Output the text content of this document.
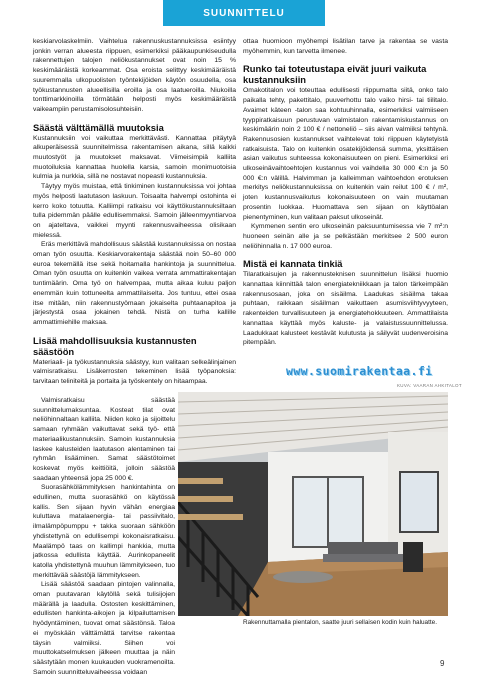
SUUNNITTELU

keskiarvolaskelmiin. Vaihtelua rakennuskustannuksissa esiintyy jonkin verran alueesta riippuen, esimerkiksi pääkaupunkiseudulla rakennettujen talojen neliökustannukset ovat noin 15 % keskimääräistä korkeammat. Osa eroista selittyy keskimääräistä suuremmalla ulkopuolisten työntekijöiden käytön osuudella, osa työkustannusten alueellisilla eroilla ja osa laatueroilla. Niukoilla tonttimarkkinoilla törmätään helposti myös keskimääräistä vaikeampiin perustamisolosuhteisiin.

Säästä välttämällä muutoksia

Kustannuksiin voi vaikuttaa merkittävästi. Kannattaa pitäytyä alkuperäisessä suunnitelmissa rakentamisen aikana, sillä kaikki muutostyöt ja muutokset maksavat. Viimeisimpiä kalliita muotoiluksia kannattaa huolella karsia, samoin monimuotoisia kulmia ja nurkkia, sillä ne nostavat nopeasti kustannuksia.

Täytyy myös muistaa, että tinkiminen kustannuksissa voi johtaa myös helposti laatutason laskuun. Toisaalta halvempi ostohinta ei kerro koko totuutta. Kalliimpi ratkaisu voi käyttökustannuksiltaan tulla pidemmän päälle edullisemmaksi. Samoin jälleenmyyntiarvoa on ajateltava, vaikkei myynti rakennusvaiheessa olisikaan mielessä.

Eräs merkittävä mahdollisuus säästää kustannuksissa on nostaa oman työn osuutta. Keskiarvorakentaja säästää noin 50–60 000 euroa tekemällä itse sekä hoitamalla hankintoja ja suunnittelua. Oman työn osuutta on kuitenkin vaikea verrata ammattirakentajan tuntimäärin. Oma työ on halvempaa, mutta aikaa kuluu paljon enemmän kuin tottuneelta ammattilaiselta. Jos tuntuu, ettei osaa itse mitään, niin rakennustyömaan jokaiselta puhtaanapitoa ja järjestystä osaa jokainen tehdä. Nistä on turha kallille ammattimiehille maksaa.

Lisää mahdollisuuksia kustannusten säästöön

Materiaali- ja työkustannuksia säästyy, kun valitaan selkeälinjainen valmisratkaisu. Lisäkerrosten tekeminen lisää työpanoksia: tarvitaan teliniteitä ja portaita ja työskentely on hitaampaa.

Valmisratkaisu säästää suunnittelumaksuntaa. Kosteat tilat ovat neliöhinnaltaan kalliita. Niiden koko ja sijoittelu samaan ryhmään vaikuttavat sekä työ- että materiaalikustannuksiin. Samoin kustannuksia laskee kalusteiden laatutason alentaminen tai ryhmän lisääminen. Samat säästötoimet koskevat myös keittiöitä, jolloin säästöä saadaan yhteensä jopa 25 000 €.

Suorasähkölämmityksen hankintahinta on edullinen, mutta suorasähkö on käytössä kallis. Sen sijaan hyvin vähän energiaa kuluttava matalaenergia- tai passiivitalo, ilmalämpöpumppu + takka suoraan sähköön yhdistettynä on edullisempi kokonaisratkaisu. Maalämpö taas on kallimpi hankkia, mutta jatkossa edullista käyttää. Aurinkopaneelit katolla yhdistettynä muuhun lämmitykseen, tuo merkittävää säästöjä lämmitykseen.

Lisää säästöä saadaan pintojen valinnalla, oman puutavaran käytöllä sekä tulisijojen määrällä ja laadulla. Ostosten keskittäminen, edullisten hankinta-aikojen ja kilpailuttamisen hyödyntäminen, tuovat omat säästönsä. Taloa ei myöskään välttämättä tarvitse rakentaa täysin valmiiksi. Siihen voi muuttokatselmuksen jälkeen muuttaa ja näin säästytään monen kuukauden vuokramenoilta. Samoin suunnitteluvaiheessa voidaan

ottaa huomioon myöhempi lisätilan tarve ja rakentaa se vasta myöhemmin, kun tarvetta ilmenee.

Runko tai toteutustapa eivät juuri vaikuta kustannuksiin

Omakotitalon voi toteuttaa edullisesti riippumatta siitä, onko talo paikalla tehty, pakettitalo, puuverhottu talo vaiko hirsi- tai tiilitalo. Avaimet käteen -talon saa kohtuuhinnalla, esimerkiksi valmiiseen tyyppiratkaisuun perustuvan valmistalon rakentamiskustannus on keskimäärin noin 2 100 € / nettoneliö – siis aivan valmiiksi tehtynä. Rakennusosien kustannukset vaihtelevat toki riippuen käytetyistä ratkaisuista. Talo on kuitenkin osatekijöidensä summa, yksittäisen asian vaikutus suhteessa kokonaisuuteen on pieni. Esimerkiksi eri ulkoseinävaihtoehtojen kustannus voi vaihdella 30 000 €:n ja 50 000 €:n välillä. Halvimman ja kalleimman vaihtoehdon erotuksen merkitys neliökustannuksissa on kuitenkin vain reilut 100 € / m², joten kustannusvaikutus kokonaisuuteen on vain muutaman prosentin luokkaa. Huomattava sen sijaan on käyttöalan pienentyminen, kun valitaan paksut ulkoseinät.

Kymmenen sentin ero ulkoseinän paksuuntumisessa vie 7 m²:n huoneen seinän alle ja se pelkästään merkitsee 2 500 euron neliöhinnalla n. 17 000 euroa.

Mistä ei kannata tinkiä

Tilaratkaisujen ja rakennusteknisen suunnittelun lisäksi huomio kannattaa kiinnittää talon energiatekniikkaan ja talon tärkeimpään rakennusosaan, joka on sisäilma. Laadukas sisäilma takaa puhtaan, raikkaan sisäilman vaikuttaen asumisviihtyvyyteen, rakenteiden turvallisuuteen ja energiatehokkuuteen. Ammattilaista kannattaa käyttää myös kaluste- ja valaistussuunnittelussa. Laadukkaat kalusteet kestävät kulutusta ja säilyvät uudenveroisina pitempään.

www.suomirakentaa.fi
KUVA: VAARAN AHKITALOT
Rakennuttamalla pientalon, saatte juuri sellaisen kodin kuin haluatte.
9
